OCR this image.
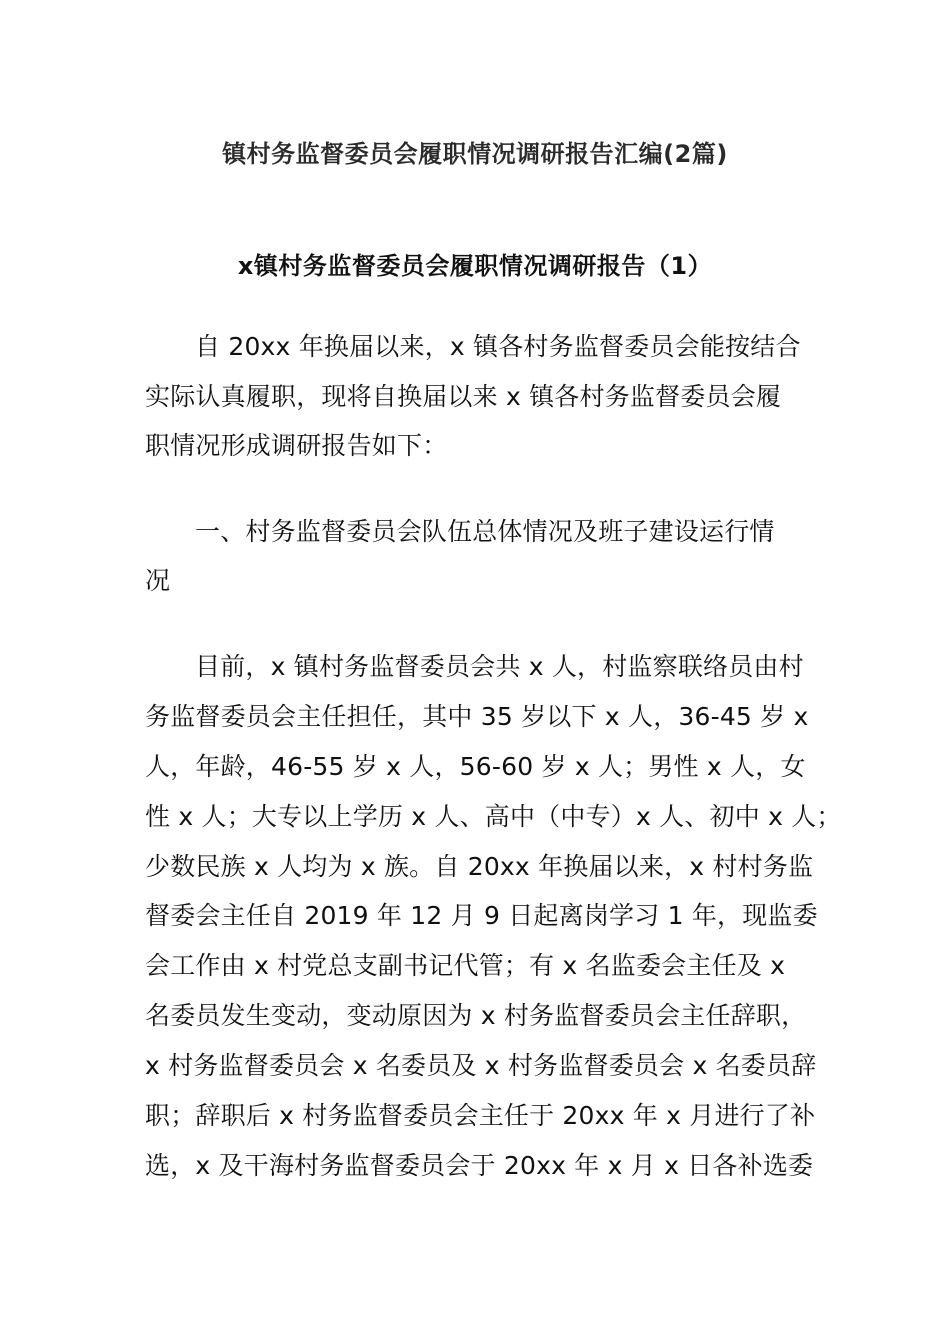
镇村务监督委员会履职情况调研报告汇编(2篇)
x镇村务监督委员会履职情况调研报告（1）
自 20xx 年换届以来，x 镇各村务监督委员会能按结合
实际认真履职，现将自换届以来 x 镇各村务监督委员会履
职情况形成调研报告如下：
一、村务监督委员会队伍总体情况及班子建设运行情
况
目前，x 镇村务监督委员会共 x 人，村监察联络员由村
务监督委员会主任担任，其中 35 岁以下 x 人，36-45 岁 x
人，年龄，46-55 岁 x 人，56-60 岁 x 人；男性 x 人，女
性 x 人；大专以上学历 x 人、高中（中专）x 人、初中 x 人；
少数民族 x 人均为 x 族。自 20xx 年换届以来，x 村村务监
督委会主任自 2019 年 12 月 9 日起离岗学习 1 年，现监委
会工作由 x 村党总支副书记代管；有 x 名监委会主任及 x
名委员发生变动，变动原因为 x 村务监督委员会主任辞职，
x 村务监督委员会 x 名委员及 x 村务监督委员会 x 名委员辞
职；辞职后 x 村务监督委员会主任于 20xx 年 x 月进行了补
选，x 及干海村务监督委员会于 20xx 年 x 月 x 日各补选委
